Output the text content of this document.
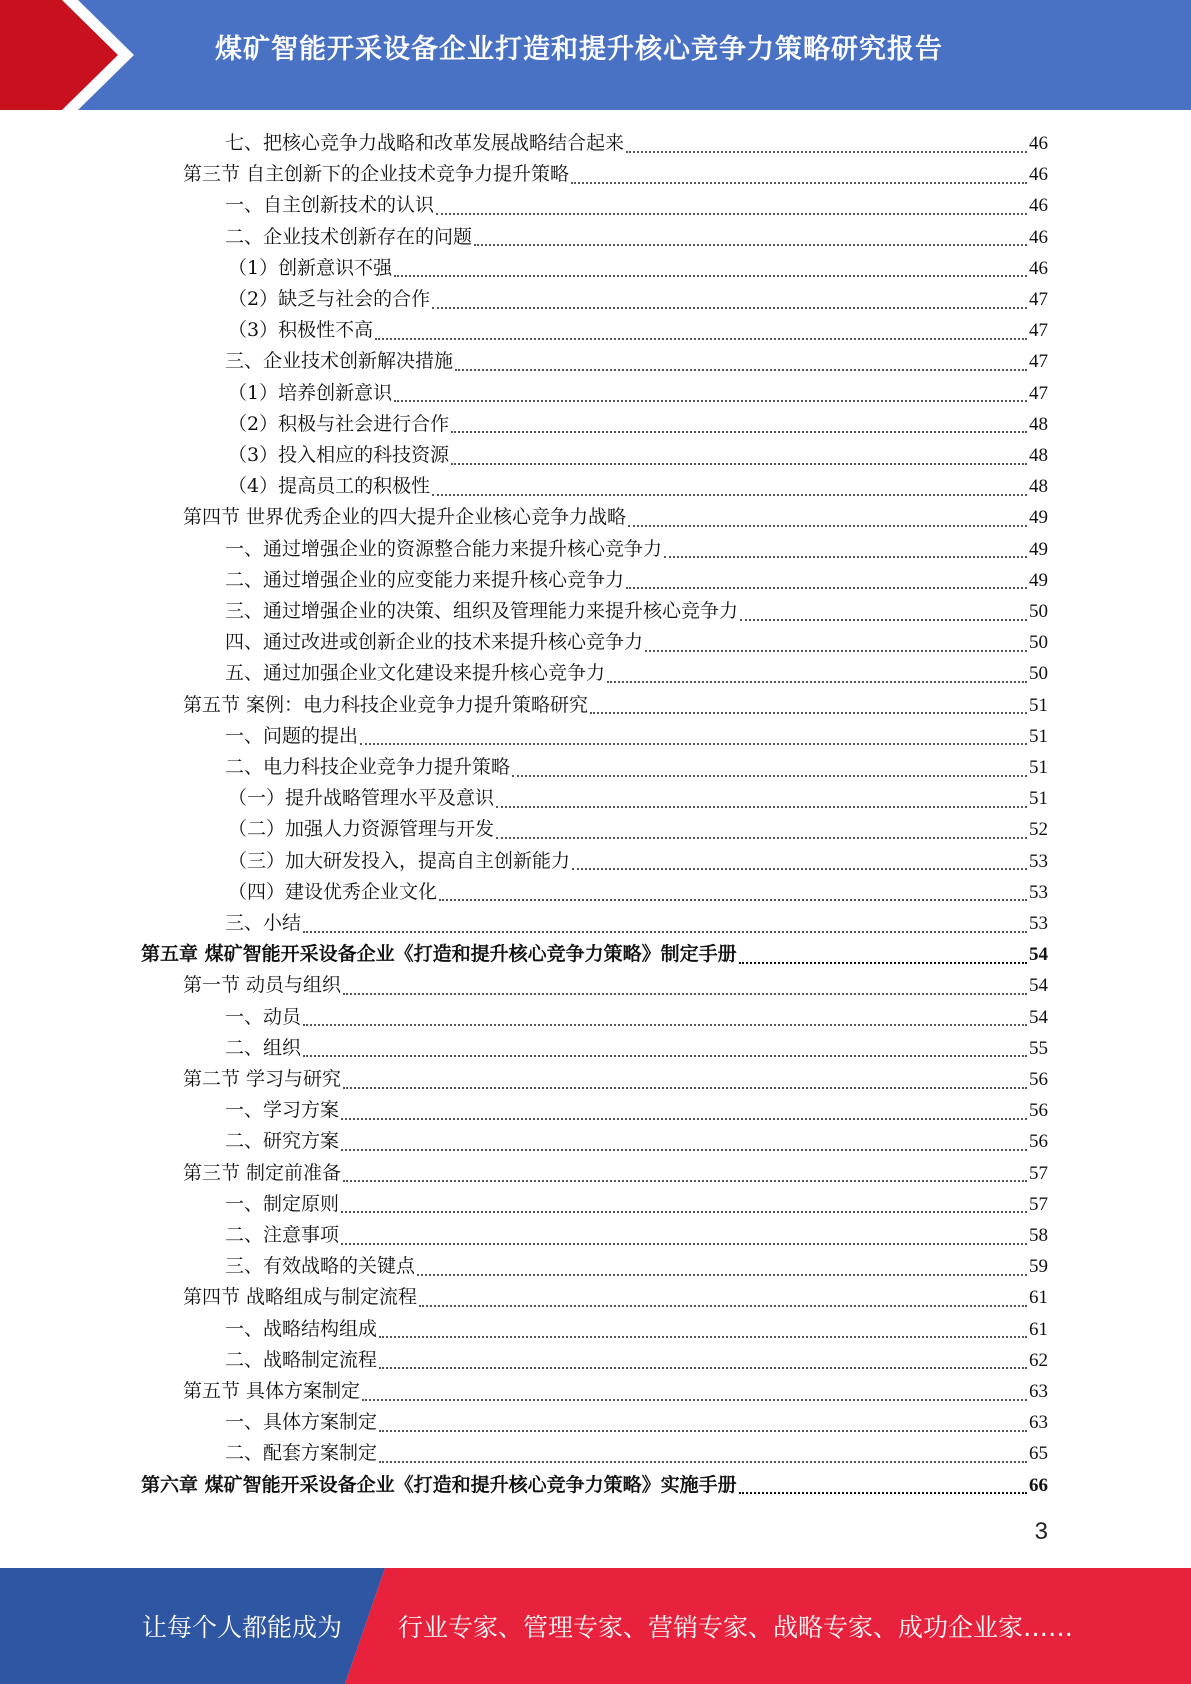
煤矿智能开采设备企业打造和提升核心竞争力策略研究报告
七、把核心竞争力战略和改革发展战略结合起来	46
第三节 自主创新下的企业技术竞争力提升策略	46
一、自主创新技术的认识	46
二、企业技术创新存在的问题	46
（1）创新意识不强	46
（2）缺乏与社会的合作	47
（3）积极性不高	47
三、企业技术创新解决措施	47
（1）培养创新意识	47
（2）积极与社会进行合作	48
（3）投入相应的科技资源	48
（4）提高员工的积极性	48
第四节 世界优秀企业的四大提升企业核心竞争力战略	49
一、通过增强企业的资源整合能力来提升核心竞争力	49
二、通过增强企业的应变能力来提升核心竞争力	49
三、通过增强企业的决策、组织及管理能力来提升核心竞争力	50
四、通过改进或创新企业的技术来提升核心竞争力	50
五、通过加强企业文化建设来提升核心竞争力	50
第五节 案例：电力科技企业竞争力提升策略研究	51
一、问题的提出	51
二、电力科技企业竞争力提升策略	51
（一）提升战略管理水平及意识	51
（二）加强人力资源管理与开发	52
（三）加大研发投入，提高自主创新能力	53
（四）建设优秀企业文化	53
三、小结	53
第五章 煤矿智能开采设备企业《打造和提升核心竞争力策略》制定手册	54
第一节 动员与组织	54
一、动员	54
二、组织	55
第二节 学习与研究	56
一、学习方案	56
二、研究方案	56
第三节 制定前准备	57
一、制定原则	57
二、注意事项	58
三、有效战略的关键点	59
第四节 战略组成与制定流程	61
一、战略结构组成	61
二、战略制定流程	62
第五节 具体方案制定	63
一、具体方案制定	63
二、配套方案制定	65
第六章 煤矿智能开采设备企业《打造和提升核心竞争力策略》实施手册	66
3
让每个人都能成为 行业专家、管理专家、营销专家、战略专家、成功企业家……
